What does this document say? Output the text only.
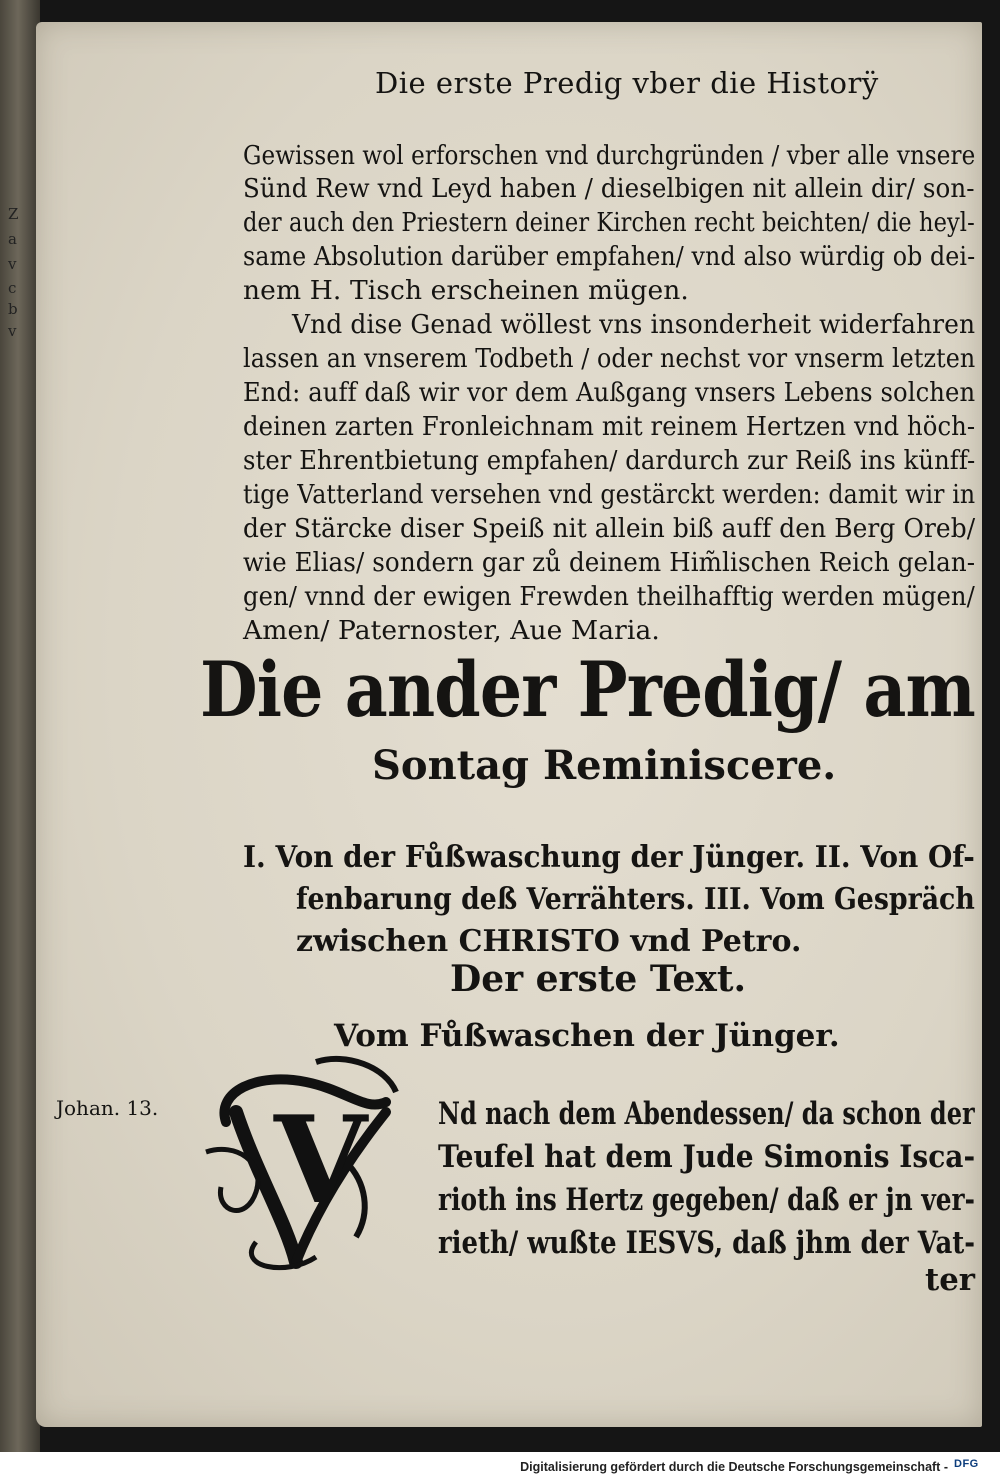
Z
a
v
c
b
v
Die erste Predig vber die Historÿ
Gewissen wol erforschen vnd durchgründen / vber alle vnsere
Sünd Rew vnd Leyd haben / dieselbigen nit allein dir/ son-
der auch den Priestern deiner Kirchen recht beichten/ die heyl-
same Absolution darüber empfahen/ vnd also würdig ob dei-
nem H. Tisch erscheinen mügen.
Vnd dise Genad wöllest vns insonderheit widerfahren
lassen an vnserem Todbeth / oder nechst vor vnserm letzten
End: auff daß wir vor dem Außgang vnsers Lebens solchen
deinen zarten Fronleichnam mit reinem Hertzen vnd höch-
ster Ehrentbietung empfahen/ dardurch zur Reiß ins künff-
tige Vatterland versehen vnd gestärckt werden: damit wir in
der Stärcke diser Speiß nit allein biß auff den Berg Oreb/
wie Elias/ sondern gar zů deinem Him̃lischen Reich gelan-
gen/ vnnd der ewigen Frewden theilhafftig werden mügen/
Amen/ Paternoster, Aue Maria.
Die ander Predig/ am
Sontag Reminiscere.
I. Von der Fůßwaschung der Jünger. II. Von Of-
fenbarung deß Verrähters. III. Vom Gespräch
zwischen CHRISTO vnd Petro.
Der erste Text.
Vom Fůßwaschen der Jünger.
Johan. 13. V Nd nach dem Abendessen/ da schon der
Teufel hat dem Jude Simonis Isca-
rioth ins Hertz gegeben/ daß er jn ver-
rieth/ wußte IESVS, daß jhm der Vat-
ter
Digitalisierung gefördert durch die Deutsche Forschungsgemeinschaft - DFG
